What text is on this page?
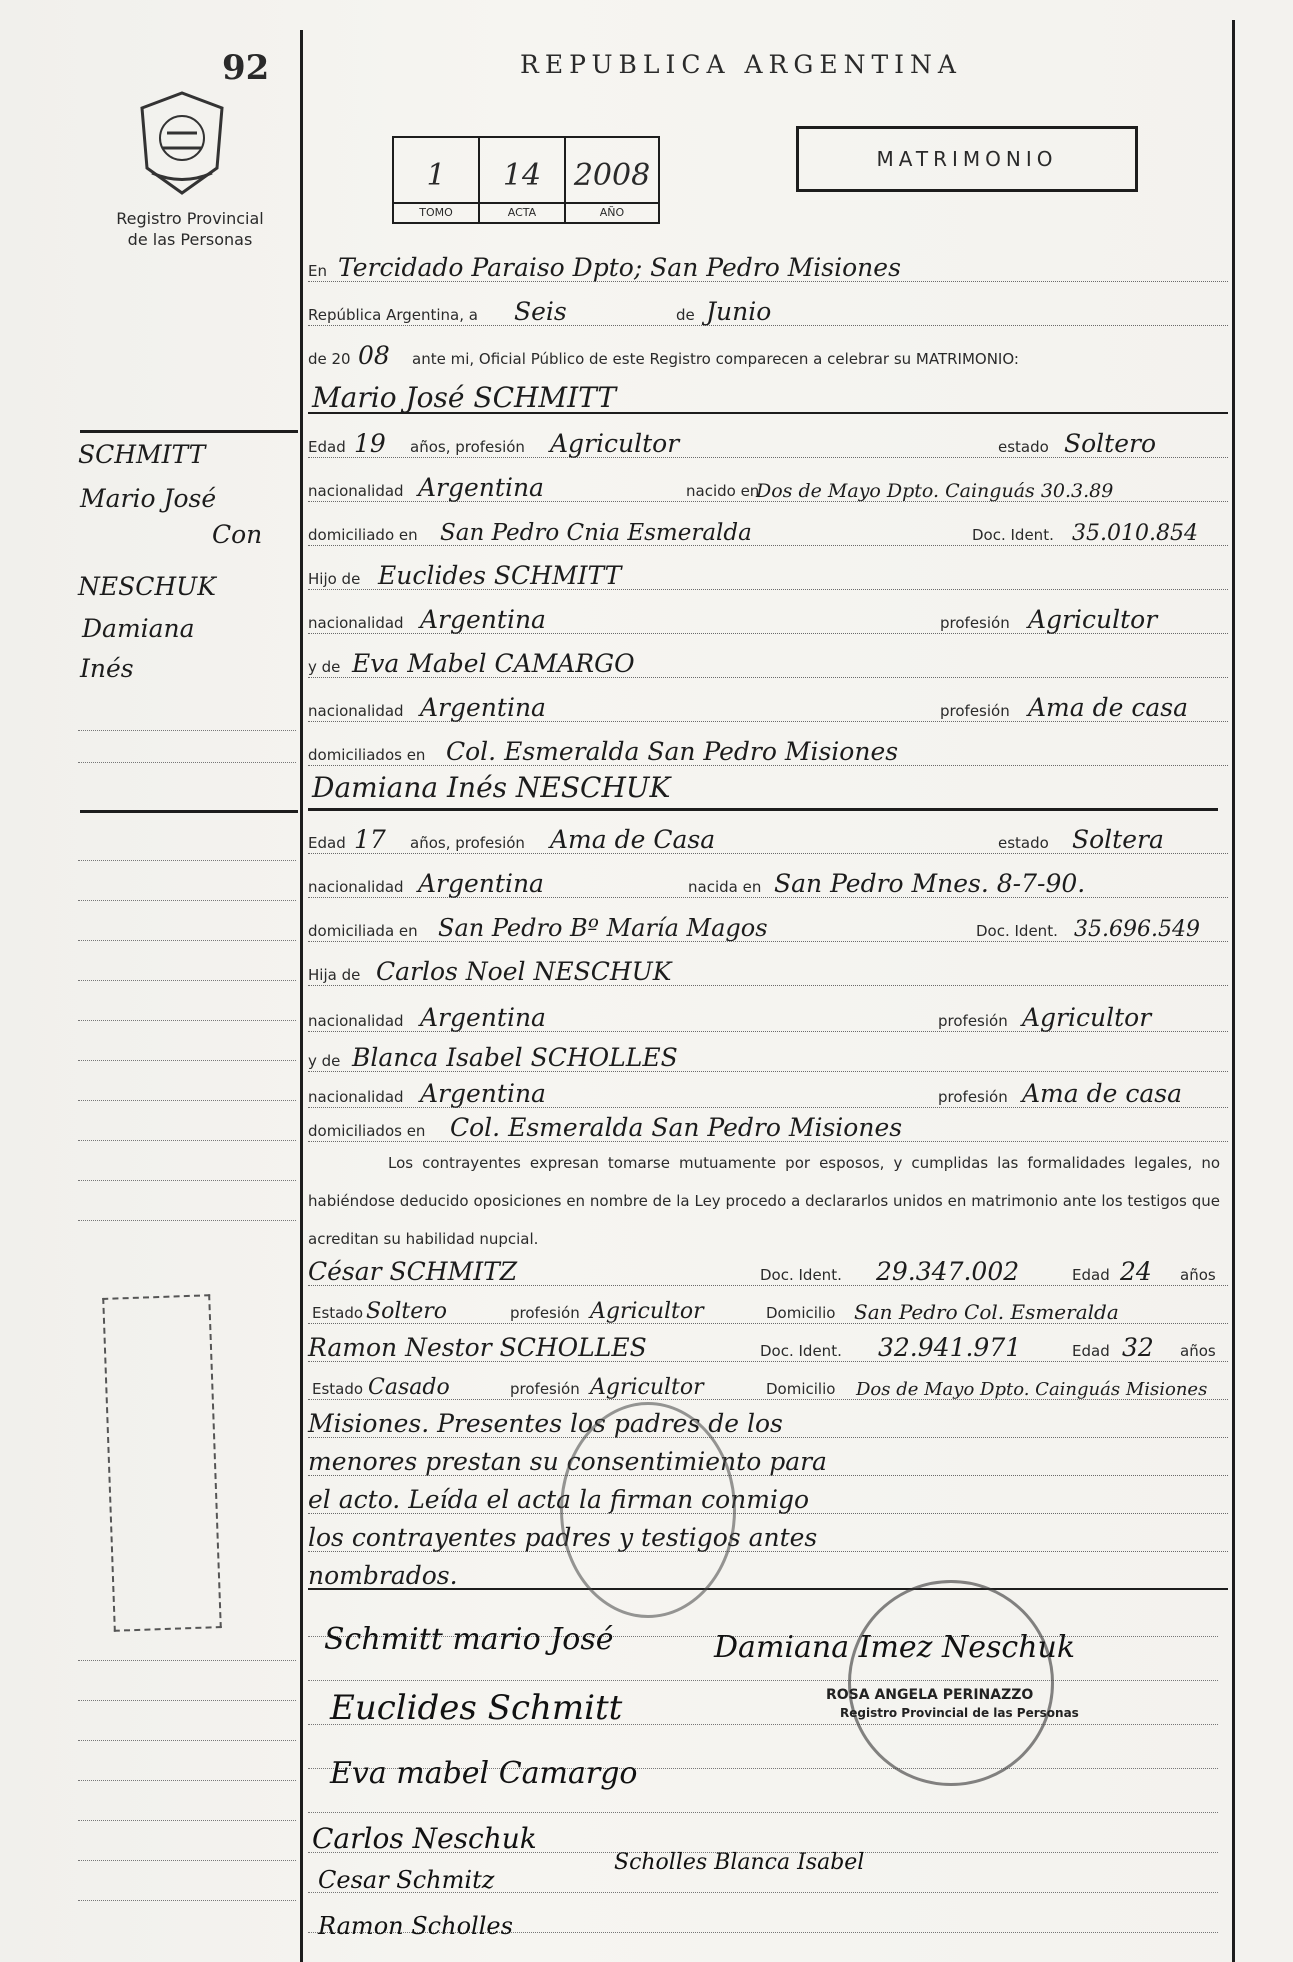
92
Registro Provincial
de las Personas
REPUBLICA ARGENTINA
MATRIMONIO
1
TOMO
14
ACTA
2008
AÑO
En Tercidado Paraiso Dpto; San Pedro Misiones
República Argentina, a Seis	de Junio
de 20 08 ante mi, Oficial Público de este Registro comparecen a celebrar su MATRIMONIO:
Mario José SCHMITT
Edad 19 años, profesión Agricultor	estado Soltero
nacionalidad Argentina	nacido en
Dos de Mayo Dpto. Cainguás 30.3.89
domiciliado en San Pedro Cnia Esmeralda	Doc. Ident. 35.010.854
Hijo de Euclides SCHMITT
nacionalidad Argentina	profesión Agricultor
y de Eva Mabel CAMARGO
nacionalidad Argentina	profesión Ama de casa
domiciliados en Col. Esmeralda San Pedro Misiones
Damiana Inés NESCHUK
Edad 17 años, profesión Ama de Casa	estado Soltera
nacionalidad Argentina	nacida en San Pedro Mnes. 8-7-90.
domiciliada en San Pedro Bº María Magos	Doc. Ident. 35.696.549
Hija de Carlos Noel NESCHUK
nacionalidad Argentina	profesión Agricultor
y de Blanca Isabel SCHOLLES
nacionalidad Argentina	profesión Ama de casa
domiciliados en Col. Esmeralda San Pedro Misiones
Los contrayentes expresan tomarse mutuamente por esposos, y cumplidas las formalidades legales, no habiéndose deducido oposiciones en nombre de la Ley procedo a declararlos unidos en matrimonio ante los testigos que acreditan su habilidad nupcial.
César SCHMITZ	Doc. Ident. 29.347.002	Edad 24 años
Estado Soltero	profesión Agricultor	Domicilio San Pedro Col. Esmeralda
Ramon Nestor SCHOLLES	Doc. Ident. 32.941.971	Edad 32 años
Estado Casado	profesión Agricultor	Domicilio Dos de Mayo Dpto. Cainguás Misiones
Misiones. Presentes los padres de los
menores prestan su consentimiento para
el acto. Leída el acta la firman conmigo
los contrayentes padres y testigos antes
nombrados.
SCHMITT
Mario José
Con
NESCHUK
Damiana
Inés
Schmitt mario José	Damiana Imez Neschuk
Euclides Schmitt
Eva mabel Camargo
Carlos Neschuk
Scholles Blanca Isabel
Cesar Schmitz
Ramon Scholles
ROSA ANGELA PERINAZZO
Registro Provincial de las Personas
